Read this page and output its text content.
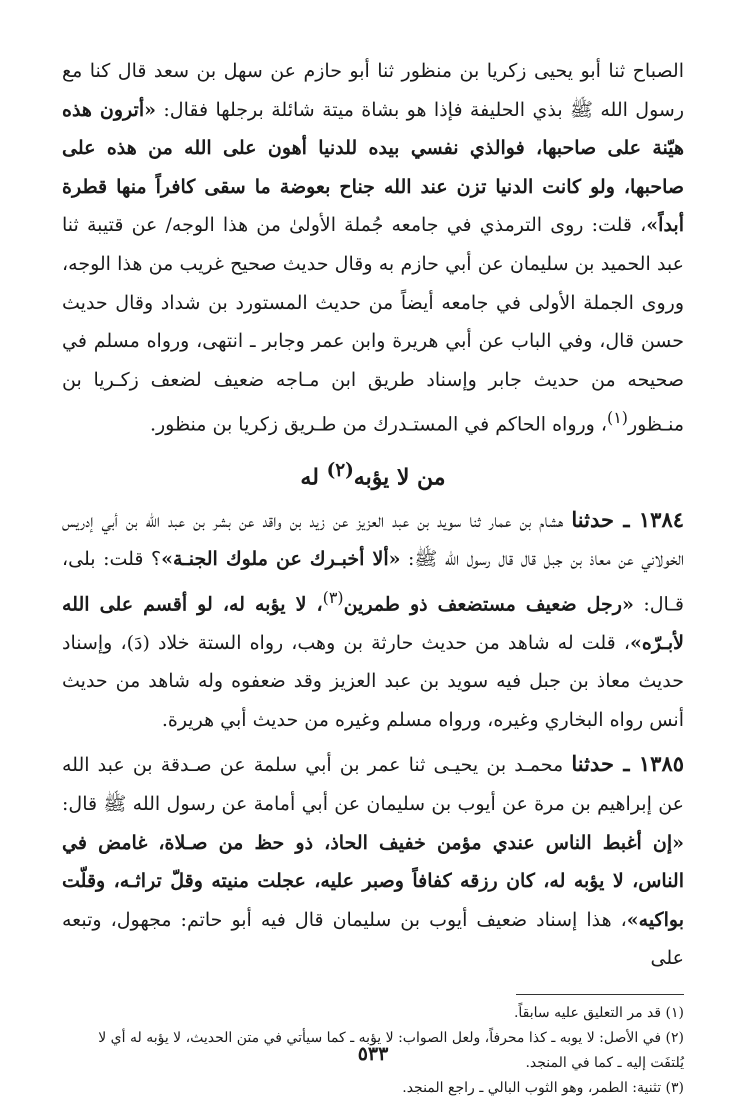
الصباح ثنا أبو يحيى زكريا بن منظور ثنا أبو حازم عن سهل بن سعد قال كنا مع رسول الله ﷺ بذي الحليفة فإذا هو بشاة ميتة شائلة برجلها فقال: «أترون هذه هيّنة على صاحبها، فوالذي نفسي بيده للدنيا أهون على الله من هذه على صاحبها، ولو كانت الدنيا تزن عند الله جناح بعوضة ما سقى كافراً منها قطرة أبداً»، قلت: روى الترمذي في جامعه جُملة الأولىٰ من هذا الوجه/ عن قتيبة ثنا عبد الحميد بن سليمان عن أبي حازم به وقال حديث صحيح غريب من هذا الوجه، وروى الجملة الأولى في جامعه أيضاً من حديث المستورد بن شداد وقال حديث حسن قال، وفي الباب عن أبي هريرة وابن عمر وجابر ـ انتهى، ورواه مسلم في صحيحه من حديث جابر وإسناد طريق ابن مـاجه ضعيف لضعف زكـريا بن منـظور$^{(١)}$، ورواه الحاكم في المستـدرك من طـريق زكريا بن منظور.

من لا يؤبه$^{(٢)}$ له

١٣٨٤ ـ حدثنا هشام بن عمار ثنا سويد بن عبد العزيز عن زيد بن واقد عن بشر بن عبد الله بن أبي إدريس الخولاني عن معاذ بن جبل قال قال رسول الله ﷺ: «ألا أخبـرك عن ملوك الجنـة»؟ قلت: بلى، قـال: «رجل ضعيف مستضعف ذو طمرين$^{(٣)}$، لا يؤبه له، لو أقسم على الله لأبـرّه»، قلت له شاهد من حديث حارثة بن وهب، رواه الستة خلاد (دَ)، وإسناد حديث معاذ بن جبل فيه سويد بن عبد العزيز وقد ضعفوه وله شاهد من حديث أنس رواه البخاري وغيره، ورواه مسلم وغيره من حديث أبي هريرة.

١٣٨٥ ـ حدثنا محمـد بن يحيـى ثنا عمر بن أبي سلمة عن صـدقة بن عبد الله عن إبراهيم بن مرة عن أيوب بن سليمان عن أبي أمامة عن رسول الله ﷺ قال: «إن أغبط الناس عندي مؤمن خفيف الحاذ، ذو حظ من صـلاة، غامض في الناس، لا يؤبه له، كان رزقه كفافاً وصبر عليه، عجلت منيته وقلّ تراثـه، وقلّت بواكيه»، هذا إسناد ضعيف أيوب بن سليمان قال فيه أبو حاتم: مجهول، وتبعه على

(١) قد مر التعليق عليه سابقاً.

(٢) في الأصل: لا يوبه ـ كذا محرفاً، ولعل الصواب: لا يؤبه ـ كما سيأتي في متن الحديث، لا يؤبه له أي لا يُلتفَت إليه ـ كما في المنجد.

(٣) تثنية: الطمر، وهو الثوب البالي ـ راجع المنجد.

٥٣٣
